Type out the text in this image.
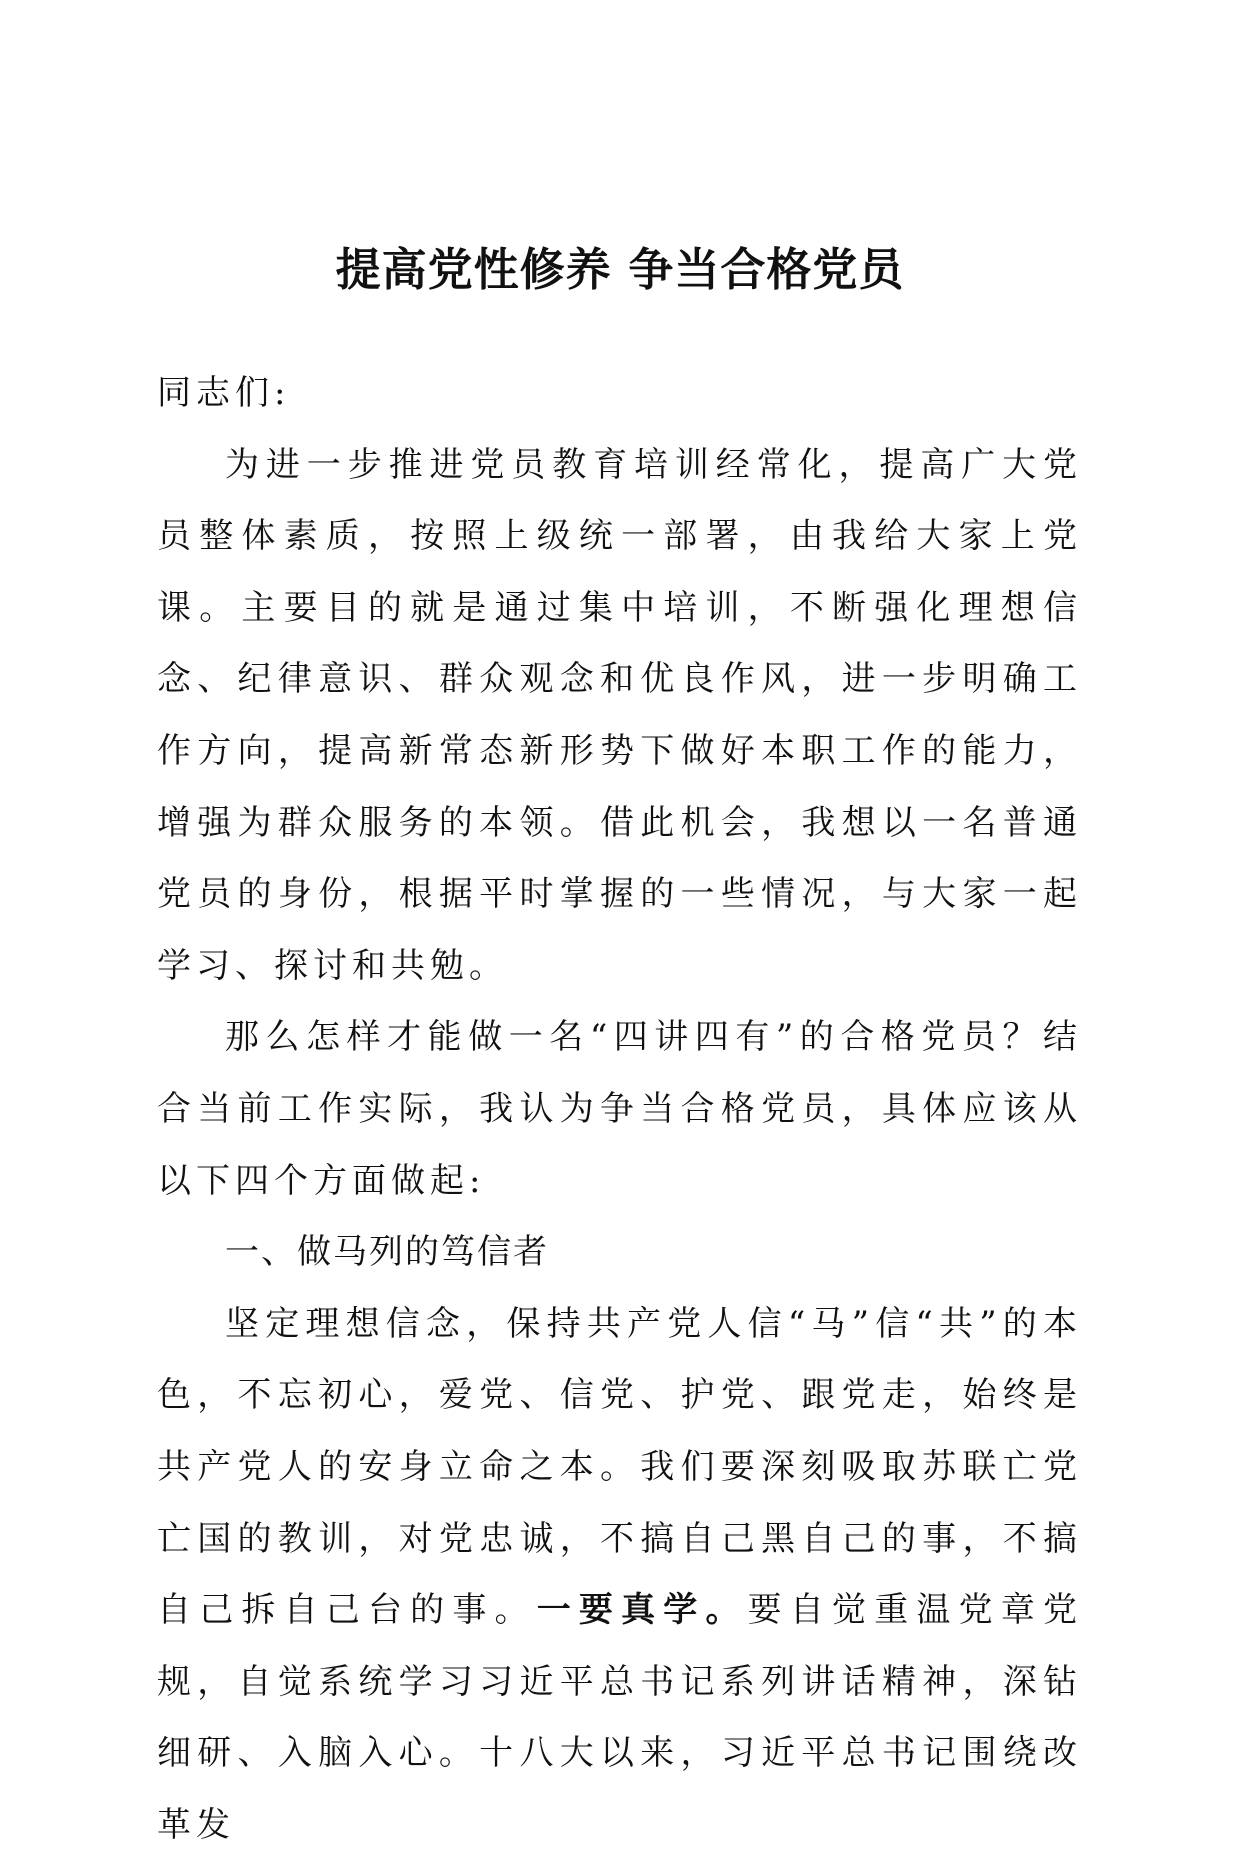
提高党性修养 争当合格党员

同志们:

为进一步推进党员教育培训经常化，提高广大党员整体素质，按照上级统一部署，由我给大家上党课。主要目的就是通过集中培训，不断强化理想信念、纪律意识、群众观念和优良作风，进一步明确工作方向，提高新常态新形势下做好本职工作的能力，增强为群众服务的本领。借此机会，我想以一名普通党员的身份，根据平时掌握的一些情况，与大家一起学习、探讨和共勉。

那么怎样才能做一名“四讲四有”的合格党员？结合当前工作实际，我认为争当合格党员，具体应该从以下四个方面做起:

一、做马列的笃信者

坚定理想信念，保持共产党人信“马”信“共”的本色，不忘初心，爱党、信党、护党、跟党走，始终是共产党人的安身立命之本。我们要深刻吸取苏联亡党亡国的教训，对党忠诚，不搞自己黑自己的事，不搞自己拆自己台的事。一要真学。要自觉重温党章党规，自觉系统学习习近平总书记系列讲话精神，深钻细研、入脑入心。十八大以来，习近平总书记围绕改革发
